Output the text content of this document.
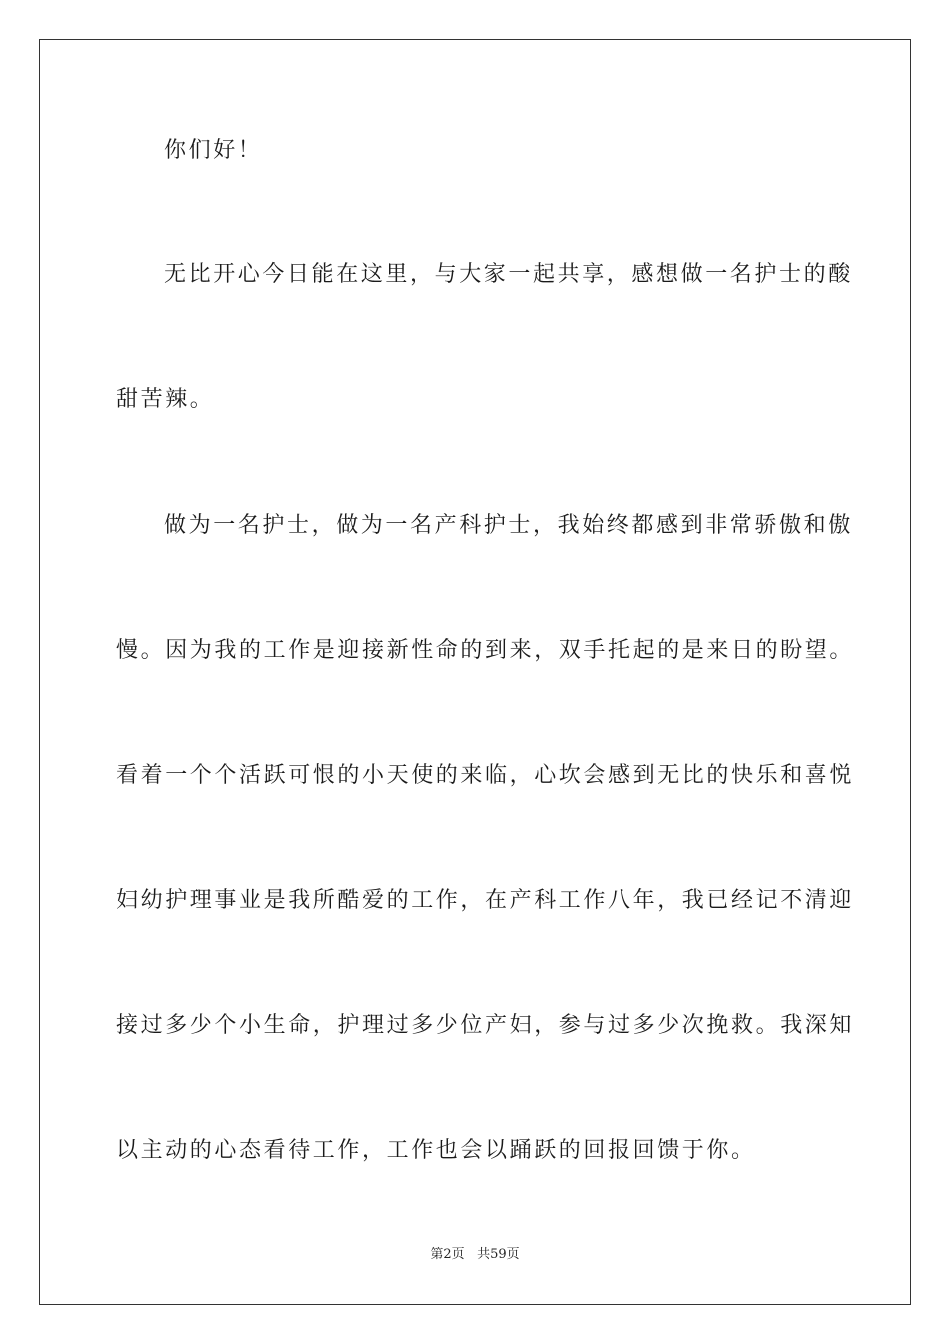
你们好！
无比开心今日能在这里，与大家一起共享，感想做一名护士的酸
甜苦辣。
做为一名护士，做为一名产科护士，我始终都感到非常骄傲和傲
慢。因为我的工作是迎接新性命的到来，双手托起的是来日的盼望。
看着一个个活跃可恨的小天使的来临，心坎会感到无比的快乐和喜悦
妇幼护理事业是我所酷爱的工作，在产科工作八年，我已经记不清迎
接过多少个小生命，护理过多少位产妇，参与过多少次挽救。我深知
以主动的心态看待工作，工作也会以踊跃的回报回馈于你。
第2页 共59页
